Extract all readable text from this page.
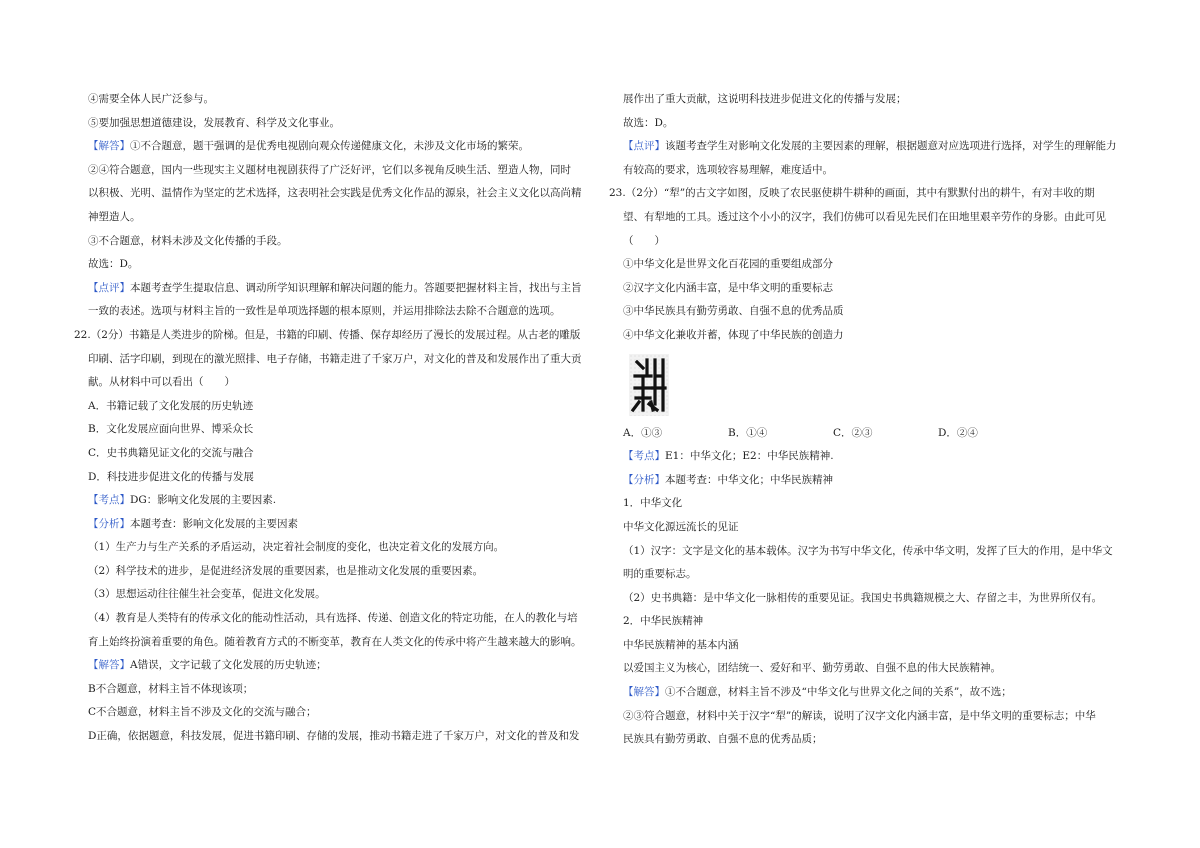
④需要全体人民广泛参与。
⑤要加强思想道德建设，发展教育、科学及文化事业。
【解答】①不合题意，题干强调的是优秀电视剧向观众传递健康文化，未涉及文化市场的繁荣。
②④符合题意，国内一些现实主义题材电视剧获得了广泛好评，它们以多视角反映生活、塑造人物，同时
以积极、光明、温情作为坚定的艺术选择，这表明社会实践是优秀文化作品的源泉，社会主义文化以高尚精
神塑造人。
③不合题意，材料未涉及文化传播的手段。
故选：D。
【点评】本题考查学生提取信息、调动所学知识理解和解决问题的能力。答题要把握材料主旨，找出与主旨
一致的表述。选项与材料主旨的一致性是单项选择题的根本原则，并运用排除法去除不合题意的选项。
22.（2分）书籍是人类进步的阶梯。但是，书籍的印刷、传播、保存却经历了漫长的发展过程。从古老的雕版
印刷、活字印刷，到现在的激光照排、电子存储，书籍走进了千家万户，对文化的普及和发展作出了重大贡
献。从材料中可以看出（　　）
A．书籍记载了文化发展的历史轨迹
B．文化发展应面向世界、博采众长
C．史书典籍见证文化的交流与融合
D．科技进步促进文化的传播与发展
【考点】DG：影响文化发展的主要因素.
【分析】本题考查：影响文化发展的主要因素
（1）生产力与生产关系的矛盾运动，决定着社会制度的变化，也决定着文化的发展方向。
（2）科学技术的进步，是促进经济发展的重要因素，也是推动文化发展的重要因素。
（3）思想运动往往催生社会变革，促进文化发展。
（4）教育是人类特有的传承文化的能动性活动，具有选择、传递、创造文化的特定功能，在人的教化与培
育上始终扮演着重要的角色。随着教育方式的不断变革，教育在人类文化的传承中将产生越来越大的影响。
【解答】A错误，文字记载了文化发展的历史轨迹；
B不合题意，材料主旨不体现该项；
C不合题意，材料主旨不涉及文化的交流与融合；
D正确，依据题意，科技发展，促进书籍印刷、存储的发展，推动书籍走进了千家万户，对文化的普及和发
展作出了重大贡献，这说明科技进步促进文化的传播与发展；
故选：D。
【点评】该题考查学生对影响文化发展的主要因素的理解，根据题意对应选项进行选择，对学生的理解能力
有较高的要求，选项较容易理解，难度适中。
23.（2分）“犁”的古文字如图，反映了农民驱使耕牛耕种的画面，其中有默默付出的耕牛，有对丰收的期
望、有犁地的工具。透过这个小小的汉字，我们仿佛可以看见先民们在田地里艰辛劳作的身影。由此可见
（　　）
①中华文化是世界文化百花园的重要组成部分
②汉字文化内涵丰富，是中华文明的重要标志
③中华民族具有勤劳勇敢、自强不息的优秀品质
④中华文化兼收并蓄，体现了中华民族的创造力
A．①③	B．①④	C．②③	D．②④
【考点】E1：中华文化；E2：中华民族精神.
【分析】本题考查：中华文化；中华民族精神
1．中华文化
中华文化源远流长的见证
（1）汉字：文字是文化的基本载体。汉字为书写中华文化，传承中华文明，发挥了巨大的作用，是中华文
明的重要标志。
（2）史书典籍：是中华文化一脉相传的重要见证。我国史书典籍规模之大、存留之丰，为世界所仅有。
2．中华民族精神
中华民族精神的基本内涵
以爱国主义为核心，团结统一、爱好和平、勤劳勇敢、自强不息的伟大民族精神。
【解答】①不合题意，材料主旨不涉及“中华文化与世界文化之间的关系”，故不选；
②③符合题意，材料中关于汉字“犁”的解读，说明了汉字文化内涵丰富，是中华文明的重要标志；中华
民族具有勤劳勇敢、自强不息的优秀品质；
